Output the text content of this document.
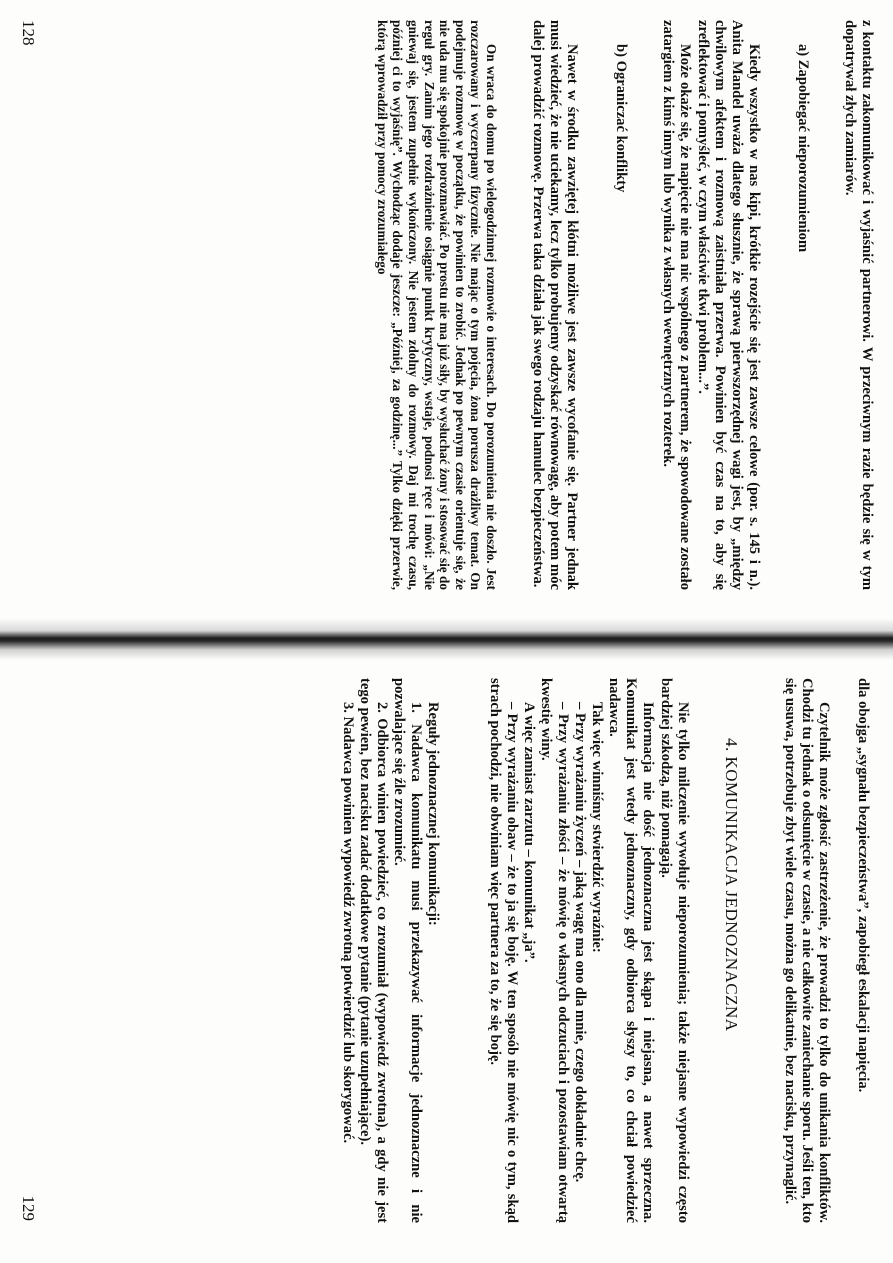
z kontaktu zakomunikować i wyjaśnić partnerowi. W przeciwnym razie będzie się w tym dopatrywał złych zamiarów.

a) Zapobiegać nieporozumieniom

Kiedy wszystko w nas kipi, krótkie rozejście się jest zawsze celowe (por. s. 145 i n.). Anita Mandel uważa dlatego słusznie, że sprawą pierwszorzędnej wagi jest, by „między chwilowym afektem i rozmową zaistniała przerwa. Powinien być czas na to, aby się zreflektować i pomyśleć, w czym właściwie tkwi problem...”.

Może okaże się, że napięcie nie ma nic wspólnego z partnerem, że spowodowane zostało zatargiem z kimś innym lub wynika z własnych wewnętrznych rozterek.

b) Ograniczać konflikty

Nawet w środku zawziętej kłótni możliwe jest zawsze wycofanie się. Partner jednak musi wiedzieć, że nie uciekamy, lecz tylko probujemy odzyskać równowagę, aby potem móc dalej prowadzić rozmowę. Przerwa taka działa jak swego rodzaju hamulec bezpieczeństwa.

On wraca do domu po wielogodzinnej rozmowie o interesach. Do porozumienia nie doszło. Jest rozczarowany i wyczerpany fizycznie. Nie mając o tym pojęcia, żona porusza drażliwy temat. On podejmuje rozmowę w początku, że powinien to zrobić. Jednak po pewnym czasie orientuje się, że nie uda mu się spokojnie porozmawiać. Po prostu nie ma już siły, by wysłuchać żony i stosować się do reguł gry. Zanim jego rozdrażnienie osiągnie punkt krytyczny, wstaje, podnosi ręce i mówi: „Nie gniewaj się, jestem zupełnie wykończony. Nie jestem zdolny do rozmowy. Daj mi trochę czasu, później ci to wyjaśnię”. Wychodząc dodaje jeszcze: „Później, za godzinę...” Tylko dzięki przerwie, którą wprowadził przy pomocy zrozumiałego

128

dla obojga „sygnału bezpieczeństwa”, zapobiegł eskalacji napięcia.

Czytelnik może zgłosić zastrzeżenie, że prowadzi to tylko do unikania konfliktów. Chodzi tu jednak o odsunięcie w czasie, a nie całkowite zaniechanie sporu. Jeśli ten, kto się usuwa, potrzebuje zbyt wiele czasu, można go delikatnie, bez nacisku, przynaglić.

4. KOMUNIKACJA JEDNOZNACZNA

Nie tylko milczenie wywołuje nieporozumienia; także niejasne wypowiedzi często bardziej szkodzą, niż pomagają.

Informacja nie dość jednoznaczna jest skąpa i niejasna, a nawet sprzeczna. Komunikat jest wtedy jednoznaczny, gdy odbiorca słyszy to, co chciał powiedzieć nadawca.

Tak więc winniśmy stwierdzić wyraźnie:

– Przy wyrażaniu życzeń – jaką wagę ma ono dla mnie, czego dokładnie chcę.

– Przy wyrażaniu złości – że mówię o własnych odczuciach i pozostawiam otwartą kwestię winy.

A więc zamiast zarzutu – komunikat „ja”.

– Przy wyrażaniu obaw – że to ja się boję. W ten sposób nie mówię nic o tym, skąd strach pochodzi, nie obwiniam więc partnera za to, że się boję.

Reguły jednoznacznej komunikacji:

1. Nadawca komunikatu musi przekazywać informacje jednoznaczne i nie pozwalające się źle zrozumieć.

2. Odbiorca winien powiedzieć, co zrozumiał (wypowiedź zwrotna), a gdy nie jest tego pewien, bez nacisku zadać dodatkowe pytanie (pytanie uzupełniające).

3. Nadawca powinien wypowiedź zwrotną potwierdzić lub skorygować.

129
